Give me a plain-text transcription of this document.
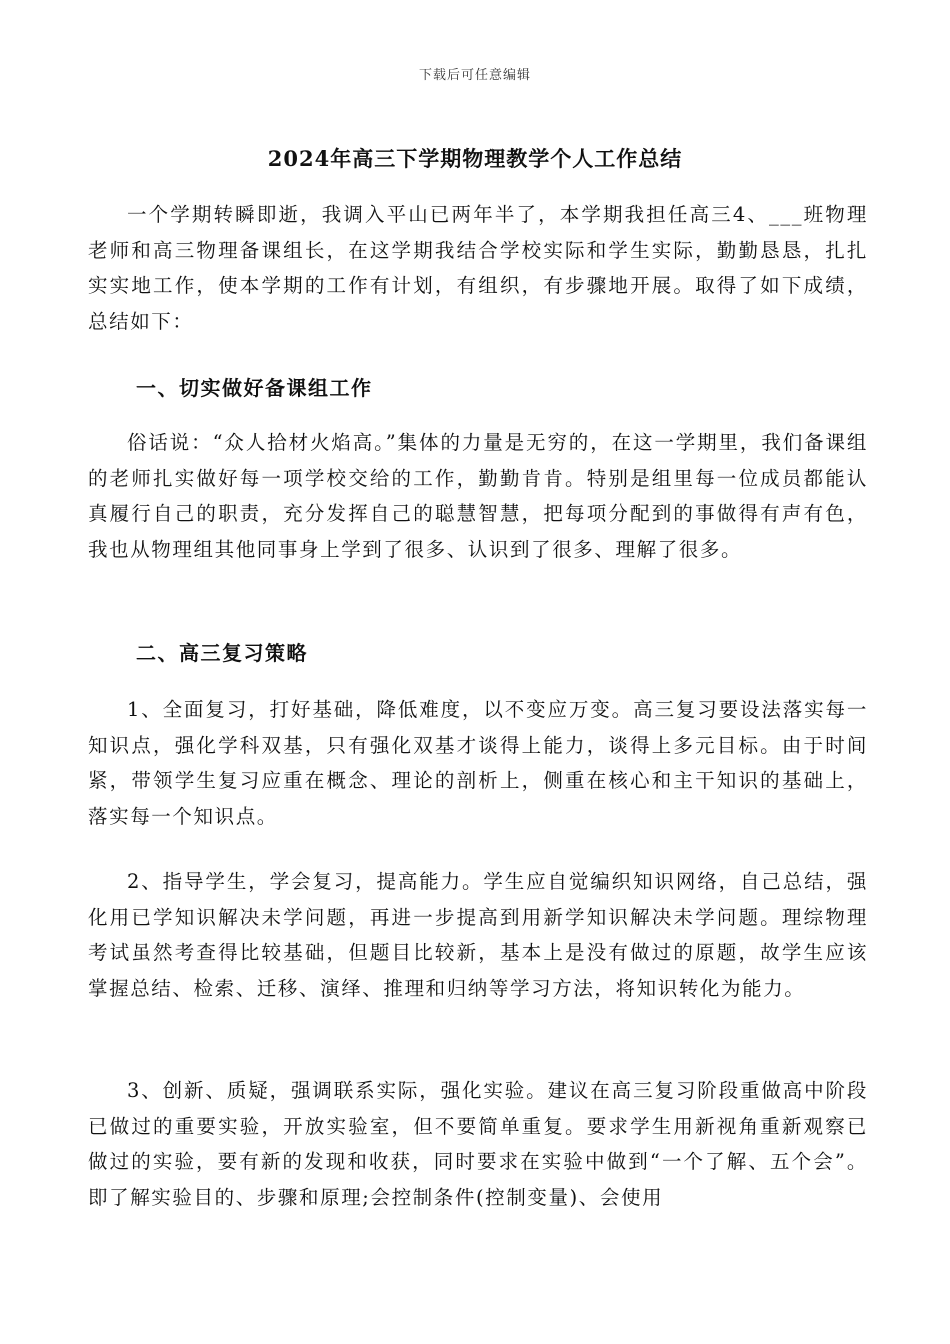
下载后可任意编辑
2024年高三下学期物理教学个人工作总结

一个学期转瞬即逝，我调入平山已两年半了，本学期我担任高三4、___班物理老师和高三物理备课组长，在这学期我结合学校实际和学生实际，勤勤恳恳，扎扎实实地工作，使本学期的工作有计划，有组织，有步骤地开展。取得了如下成绩，总结如下：

一、切实做好备课组工作

俗话说：“众人拾材火焰高。”集体的力量是无穷的，在这一学期里，我们备课组的老师扎实做好每一项学校交给的工作，勤勤肯肯。特别是组里每一位成员都能认真履行自己的职责，充分发挥自己的聪慧智慧，把每项分配到的事做得有声有色，我也从物理组其他同事身上学到了很多、认识到了很多、理解了很多。

二、高三复习策略

1、全面复习，打好基础，降低难度，以不变应万变。高三复习要设法落实每一知识点，强化学科双基，只有强化双基才谈得上能力，谈得上多元目标。由于时间紧，带领学生复习应重在概念、理论的剖析上，侧重在核心和主干知识的基础上，落实每一个知识点。

2、指导学生，学会复习，提高能力。学生应自觉编织知识网络，自己总结，强化用已学知识解决未学问题，再进一步提高到用新学知识解决未学问题。理综物理考试虽然考查得比较基础，但题目比较新，基本上是没有做过的原题，故学生应该掌握总结、检索、迁移、演绎、推理和归纳等学习方法，将知识转化为能力。

3、创新、质疑，强调联系实际，强化实验。建议在高三复习阶段重做高中阶段已做过的重要实验，开放实验室，但不要简单重复。要求学生用新视角重新观察已做过的实验，要有新的发现和收获，同时要求在实验中做到“一个了解、五个会”。即了解实验目的、步骤和原理;会控制条件(控制变量)、会使用
